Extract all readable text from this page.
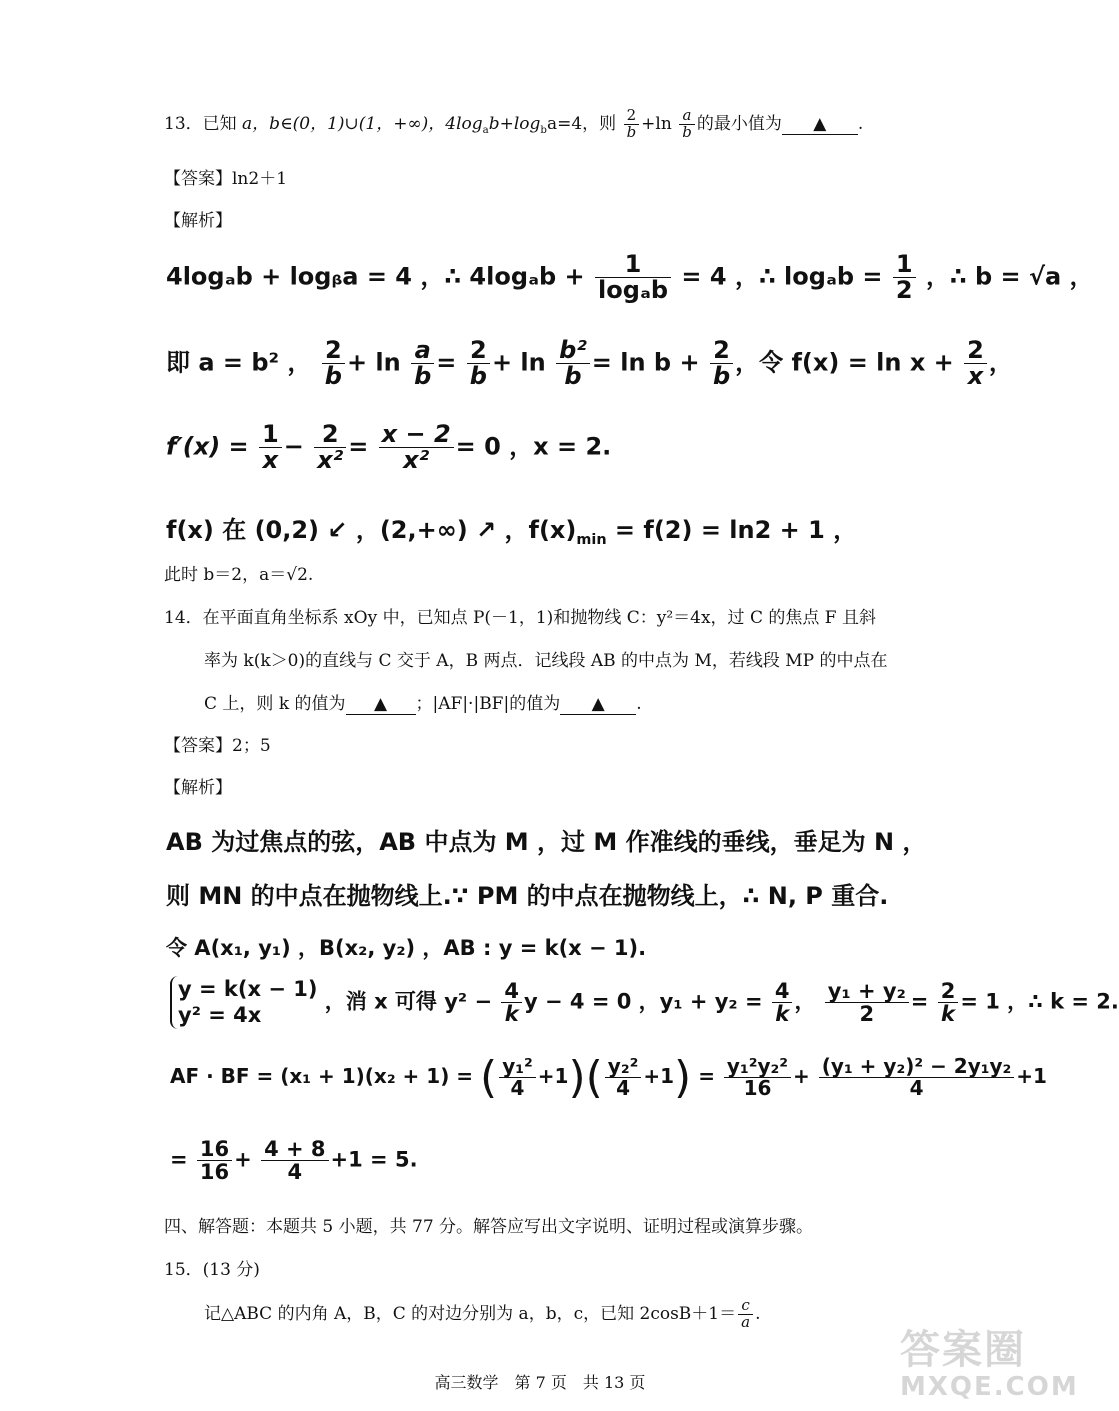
13．已知 a，b∈(0，1)∪(1，+∞)，$4\log_ab+\log_ba=4$，则 $\frac{2}{b} +\ln \frac{a}{b}$ 的最小值为 ▲ .
【答案】ln2＋1
【解析】
4logₐb + logᵦa = 4 ，∴ $4\log_ab + \frac{1}{\text{logₐb}} = 4$ ，∴ $\log_ab = \frac{1}{2}$ ，∴ b = √a ，
即 a = b² ， $\frac{2}{b} + \ln \frac{a}{b} = \frac{2}{b} + \ln \frac{\text{b²}}{b} = \ln b + \frac{2}{b}$ ，令 $f(x) = \ln x + \frac{2}{x}$ ，
$f'(x) = \frac{1}{x} - \frac{2}{\text{x²}} = \frac{x - 2}{\text{x²}} = 0$ ，x = 2.
f(x) 在 (0,2) ↙ ，(2,+∞) ↗ ，$f(x)_{min} = f(2) = \ln 2 + 1$ ，
此时 b＝2，a＝√2.
14．在平面直角坐标系 xOy 中，已知点 P(－1，1)和抛物线 C：y²＝4x，过 C 的焦点 F 且斜
率为 k(k＞0)的直线与 C 交于 A，B 两点．记线段 AB 的中点为 M，若线段 MP 的中点在
C 上，则 k 的值为 ▲ ；|AF|·|BF|的值为 ▲ .
【答案】2；5
【解析】
AB 为过焦点的弦，AB 中点为 M ，过 M 作准线的垂线，垂足为 N ，
则 MN 的中点在抛物线上.∵ PM 的中点在抛物线上，∴ N, P 重合.
令 A(x₁, y₁) ，B(x₂, y₂) ，AB : y = k(x − 1).
y = k(x − 1)
y² = 4x
，消 x 可得 $y^2 - \frac{4}{k}$ y − 4 = 0 ，$y_1 + y_2 = \frac{4}{k}$ ， $\frac{\text{y₁ + y₂}}{2} = \frac{2}{k} = 1$ ，∴ k = 2.
AF · BF = (x₁ + 1)(x₂ + 1) = ( $\frac{\text{y₁²}}{4} +1)( \frac{\text{y₂²}}{4} +1) = \frac{\text{y₁²y₂²}}{16} + \frac{\text{(y₁ + y₂)² − 2y₁y₂}}{4} +1$
= $\frac{16}{16} + \frac{4 + 8}{4} +1 = 5$.
四、解答题：本题共 5 小题，共 77 分。解答应写出文字说明、证明过程或演算步骤。
15．(13 分)
记△ABC 的内角 A，B，C 的对边分别为 a，b，c，已知 $2\cos B+1= \frac{c}{a}$ .
高三数学　第 7 页　共 13 页
答案圈
MXQE.COM
